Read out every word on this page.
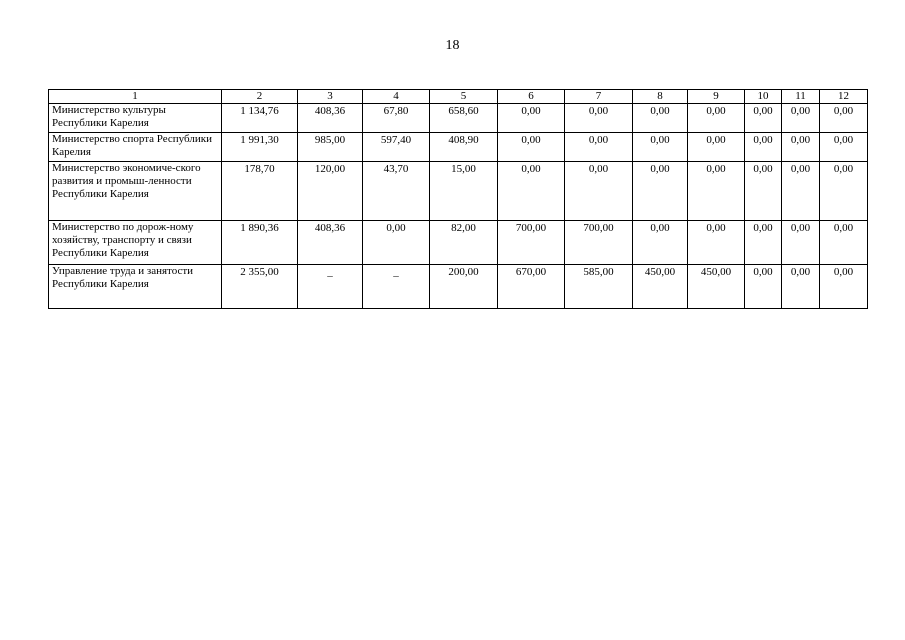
18
1	2	3	4	5	6	7	8	9	10	11	12
Министерство культуры Республики Карелия	1 134,76	408,36	67,80	658,60	0,00	0,00	0,00	0,00	0,00	0,00	0,00
Министерство спорта Республики Карелия	1 991,30	985,00	597,40	408,90	0,00	0,00	0,00	0,00	0,00	0,00	0,00
Министерство экономиче-ского развития и промыш-ленности Республики Карелия	178,70	120,00	43,70	15,00	0,00	0,00	0,00	0,00	0,00	0,00	0,00
Министерство по дорож-ному хозяйству, транспорту и связи Республики Карелия	1 890,36	408,36	0,00	82,00	700,00	700,00	0,00	0,00	0,00	0,00	0,00
Управление труда и занятости Республики Карелия	2 355,00	_	_	200,00	670,00	585,00	450,00	450,00	0,00	0,00	0,00
